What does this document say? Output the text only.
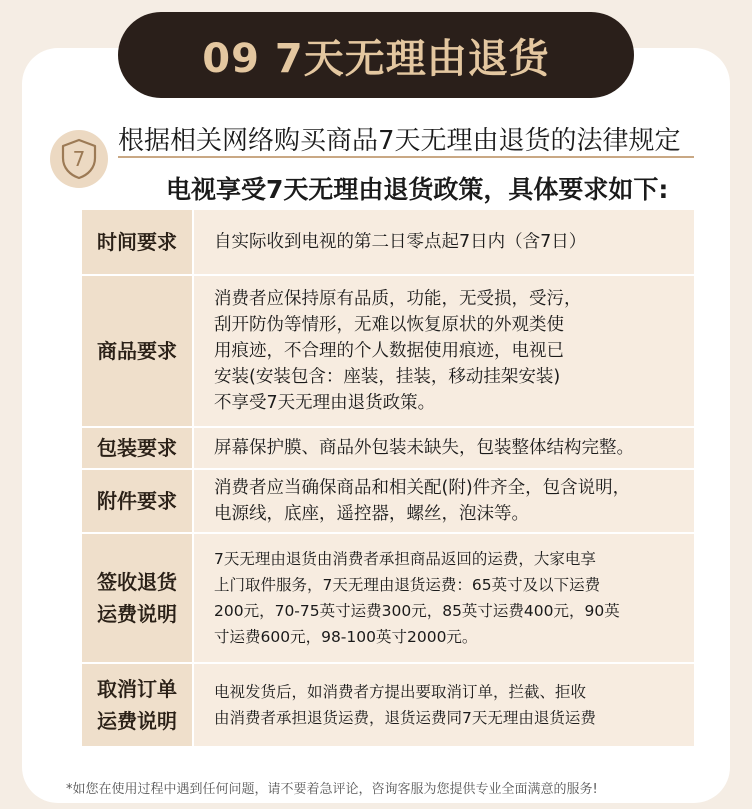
09 7天无理由退货
7
根据相关网络购买商品7天无理由退货的法律规定
电视享受7天无理由退货政策，具体要求如下:
时间要求	自实际收到电视的第二日零点起7日内（含7日）
商品要求	消费者应保持原有品质，功能，无受损，受污，
刮开防伪等情形，无难以恢复原状的外观类使
用痕迹，不合理的个人数据使用痕迹，电视已
安装(安装包含：座装，挂装，移动挂架安装)
不享受7天无理由退货政策。
包装要求	屏幕保护膜、商品外包装未缺失，包装整体结构完整。
附件要求	消费者应当确保商品和相关配(附)件齐全，包含说明，
电源线，底座，遥控器，螺丝，泡沫等。
签收退货
运费说明	7天无理由退货由消费者承担商品返回的运费，大家电享
上门取件服务，7天无理由退货运费：65英寸及以下运费
200元，70-75英寸运费300元，85英寸运费400元，90英
寸运费600元，98-100英寸2000元。
取消订单
运费说明	电视发货后，如消费者方提出要取消订单，拦截、拒收
由消费者承担退货运费，退货运费同7天无理由退货运费
*如您在使用过程中遇到任何问题，请不要着急评论，咨询客服为您提供专业全面满意的服务!
